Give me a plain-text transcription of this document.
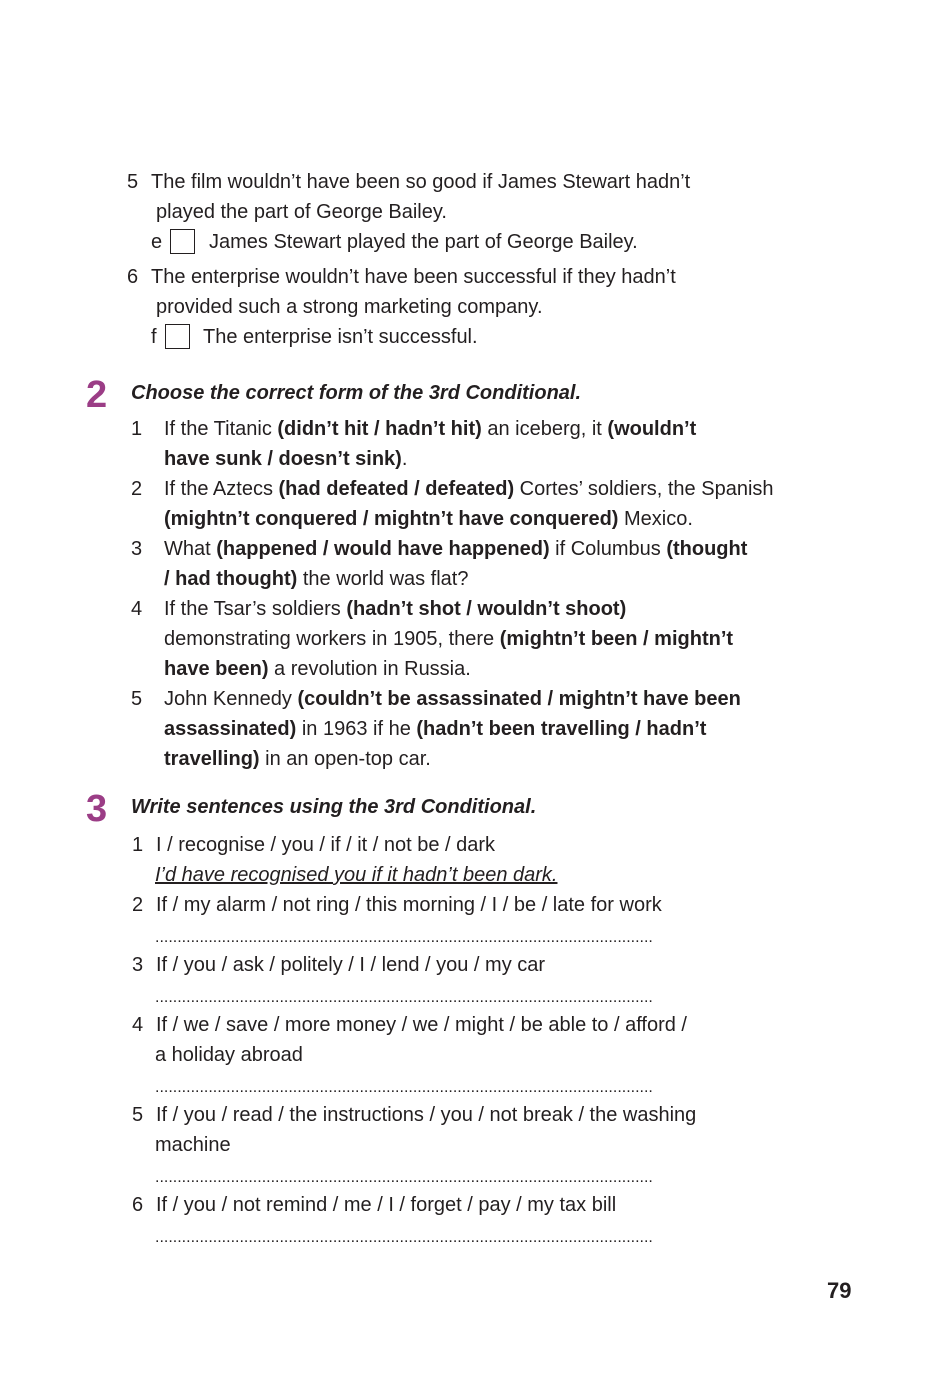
5 The film wouldn’t have been so good if James Stewart hadn’t
played the part of George Bailey.
e James Stewart played the part of George Bailey.
6 The enterprise wouldn’t have been successful if they hadn’t
provided such a strong marketing company.
f The enterprise isn’t successful.
2 Choose the correct form of the 3rd Conditional.
1 If the Titanic (didn’t hit / hadn’t hit) an iceberg, it (wouldn’t
have sunk / doesn’t sink).
2 If the Aztecs (had defeated / defeated) Cortes’ soldiers, the Spanish
(mightn’t conquered / mightn’t have conquered) Mexico.
3 What (happened / would have happened) if Columbus (thought
/ had thought) the world was flat?
4 If the Tsar’s soldiers (hadn’t shot / wouldn’t shoot)
demonstrating workers in 1905, there (mightn’t been / mightn’t
have been) a revolution in Russia.
5 John Kennedy (couldn’t be assassinated / mightn’t have been
assassinated) in 1963 if he (hadn’t been travelling / hadn’t
travelling) in an open-top car.
3 Write sentences using the 3rd Conditional.
1 I / recognise / you / if / it / not be / dark
I’d have recognised you if it hadn’t been dark.
2 If / my alarm / not ring / this morning / I / be / late for work
................................................................................................................
3 If / you / ask / politely / I / lend / you / my car
................................................................................................................
4 If / we / save / more money / we / might / be able to / afford /
a holiday abroad
................................................................................................................
5 If / you / read / the instructions / you / not break / the washing
machine
................................................................................................................
6 If / you / not remind / me / I / forget / pay / my tax bill
................................................................................................................
79
